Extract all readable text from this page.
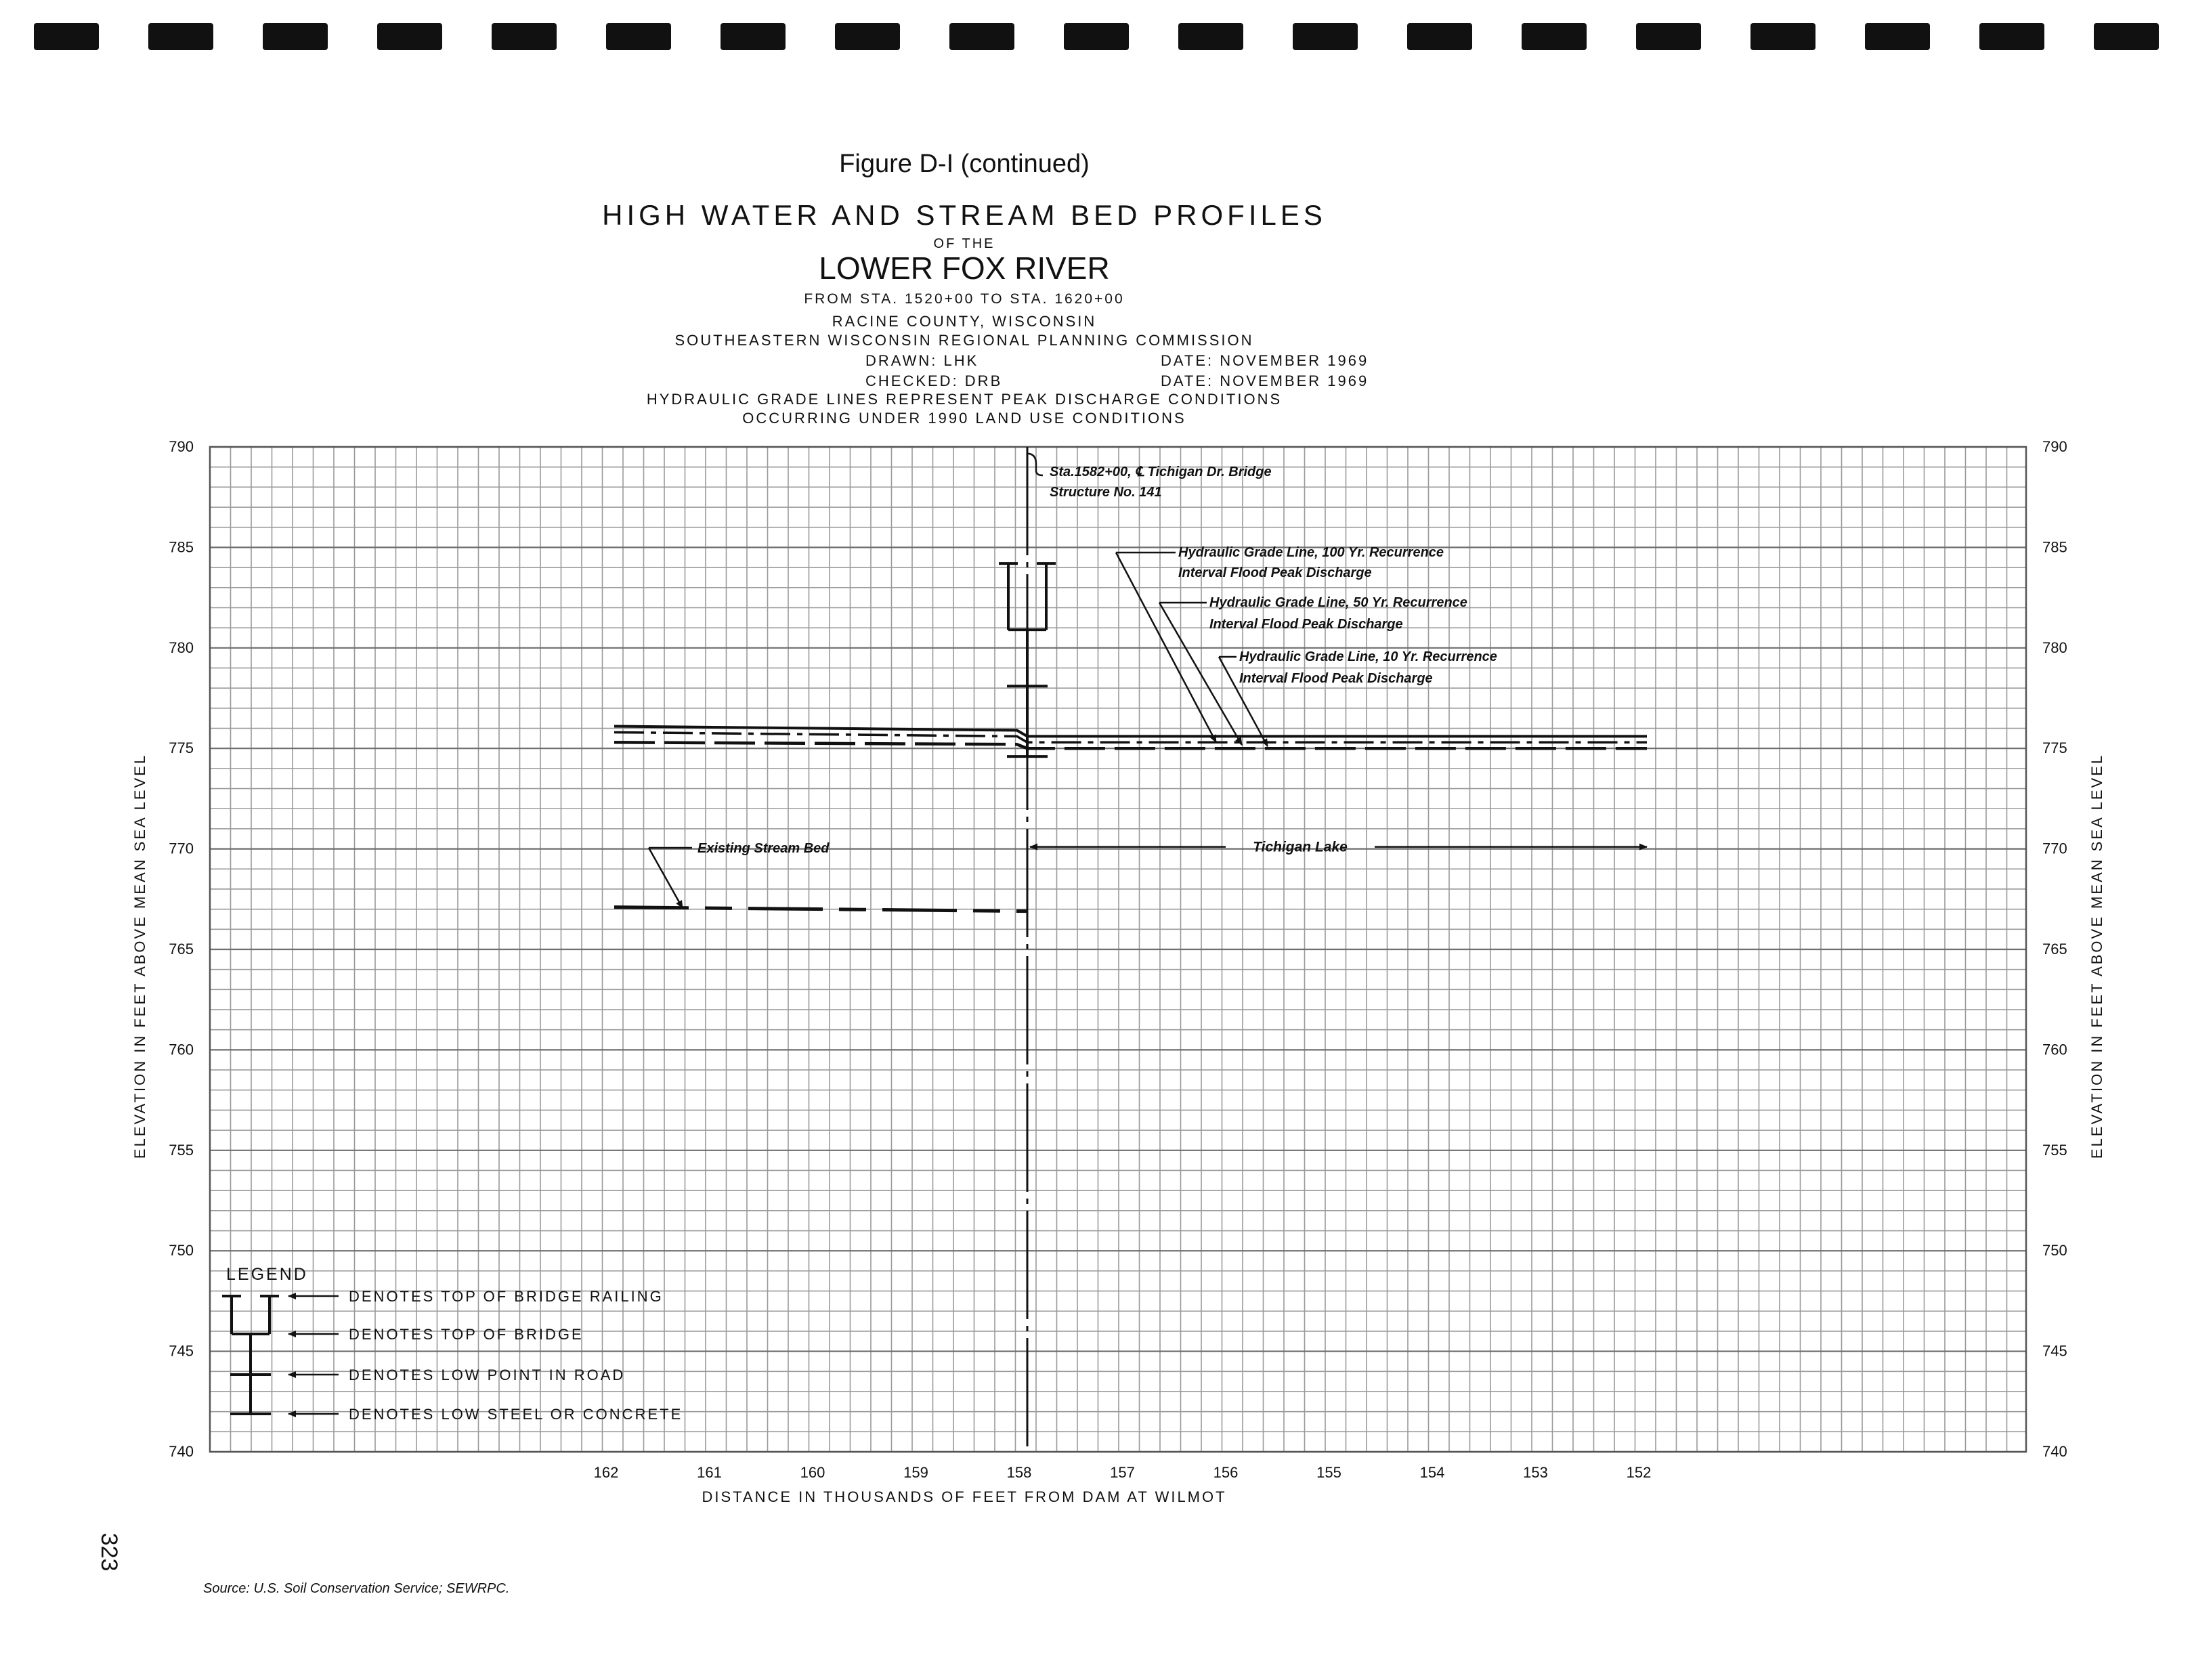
Figure D-I (continued)
HIGH WATER AND STREAM BED PROFILES
OF THE
LOWER FOX RIVER
FROM STA. 1520+00 TO STA. 1620+00
RACINE COUNTY, WISCONSIN
SOUTHEASTERN WISCONSIN REGIONAL PLANNING COMMISSION
DRAWN: LHK	DATE: NOVEMBER 1969
CHECKED: DRB	DATE: NOVEMBER 1969
HYDRAULIC GRADE LINES REPRESENT PEAK DISCHARGE CONDITIONS
OCCURRING UNDER 1990 LAND USE CONDITIONS
790	790
785	785
780	780
775	775
770	770
765	765
760	760
755	755
750	750
745	745
740	740
162	161	160	159	158	157	156	155	154	153	152
Sta.1582+00, ℄ Tichigan Dr. Bridge
Structure No. 141
Hydraulic Grade Line, 100 Yr. Recurrence
Interval Flood Peak Discharge
Hydraulic Grade Line, 50 Yr. Recurrence
Interval Flood Peak Discharge
Hydraulic Grade Line, 10 Yr. Recurrence
Interval Flood Peak Discharge
Existing Stream Bed	Tichigan Lake
LEGEND
DENOTES TOP OF BRIDGE RAILING
DENOTES TOP OF BRIDGE
DENOTES LOW POINT IN ROAD
DENOTES LOW STEEL OR CONCRETE
DISTANCE IN THOUSANDS OF FEET FROM DAM AT WILMOT
ELEVATION IN FEET ABOVE MEAN SEA LEVEL	ELEVATION IN FEET ABOVE MEAN SEA LEVEL
323
Source: U.S. Soil Conservation Service; SEWRPC.
